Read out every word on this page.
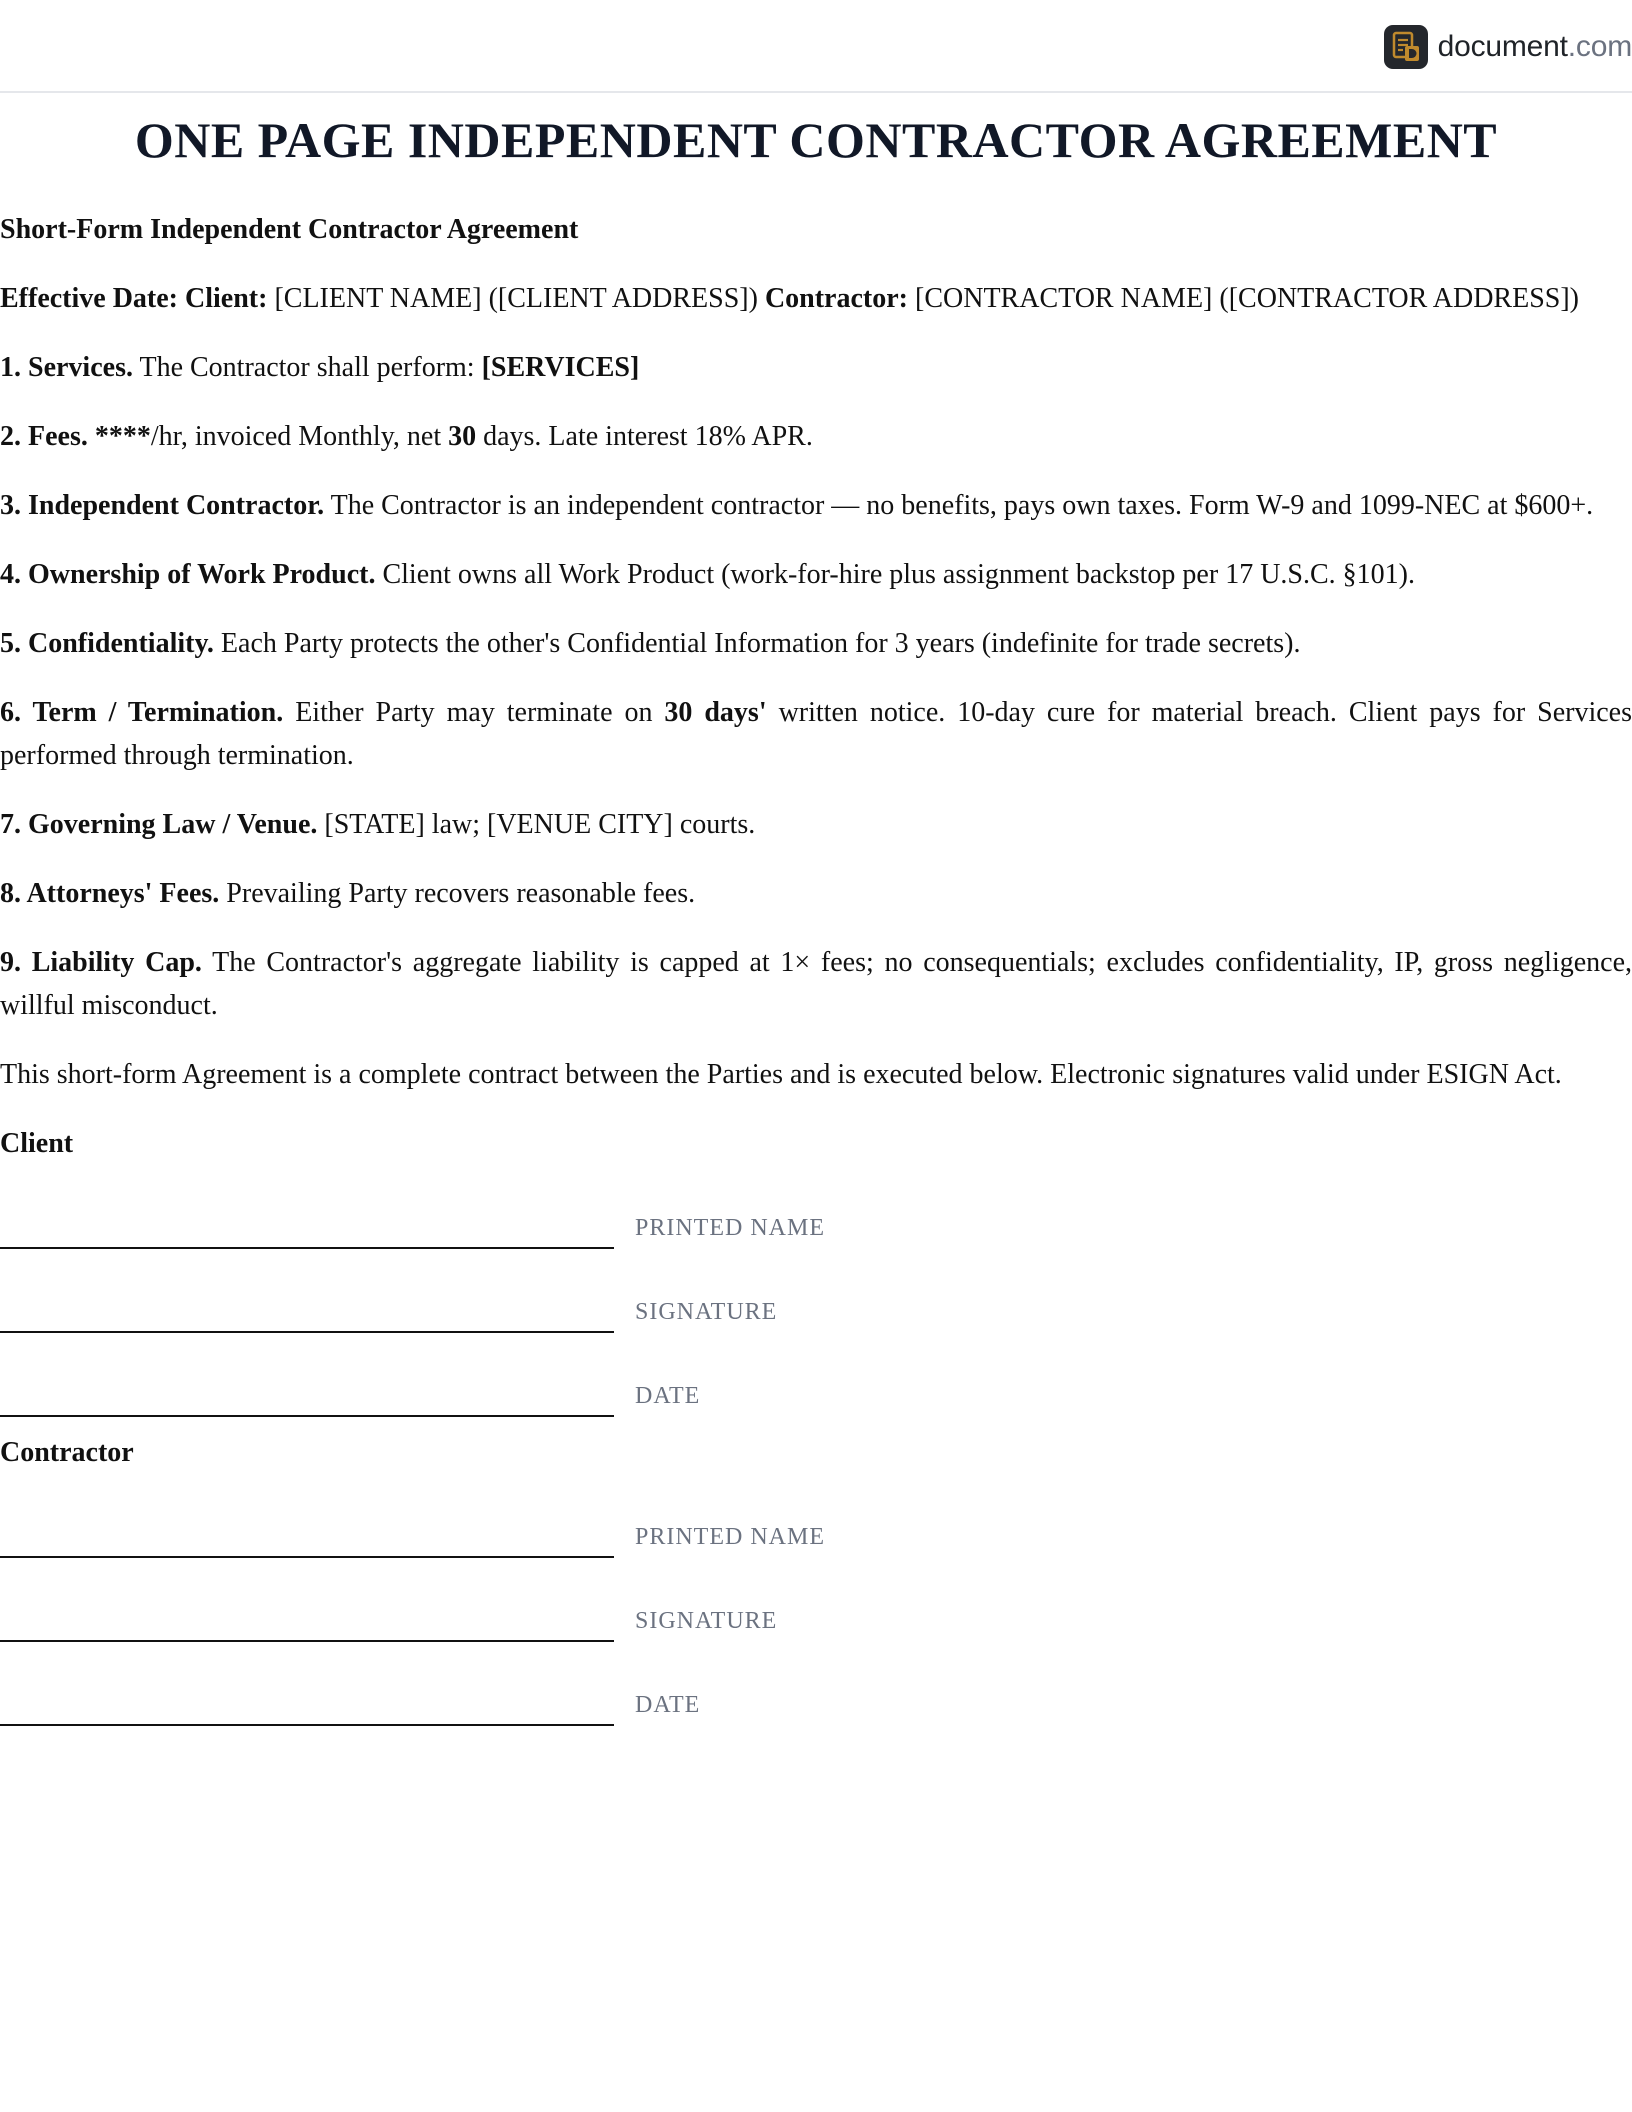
document.com
ONE PAGE INDEPENDENT CONTRACTOR AGREEMENT

Short-Form Independent Contractor Agreement

Effective Date: Client: [CLIENT NAME] ([CLIENT ADDRESS]) Contractor: [CONTRACTOR NAME] ([CONTRACTOR ADDRESS])

1. Services. The Contractor shall perform: [SERVICES]

2. Fees. ****/hr, invoiced Monthly, net 30 days. Late interest 18% APR.

3. Independent Contractor. The Contractor is an independent contractor — no benefits, pays own taxes. Form W-9 and 1099-NEC at $600+.

4. Ownership of Work Product. Client owns all Work Product (work-for-hire plus assignment backstop per 17 U.S.C. §101).

5. Confidentiality. Each Party protects the other's Confidential Information for 3 years (indefinite for trade secrets).

6. Term / Termination. Either Party may terminate on 30 days' written notice. 10-day cure for material breach. Client pays for Services performed through termination.

7. Governing Law / Venue. [STATE] law; [VENUE CITY] courts.

8. Attorneys' Fees. Prevailing Party recovers reasonable fees.

9. Liability Cap. The Contractor's aggregate liability is capped at 1× fees; no consequentials; excludes confidentiality, IP, gross negligence, willful misconduct.

This short-form Agreement is a complete contract between the Parties and is executed below. Electronic signatures valid under ESIGN Act.

Client
PRINTED NAME
SIGNATURE
DATE
Contractor
PRINTED NAME
SIGNATURE
DATE
